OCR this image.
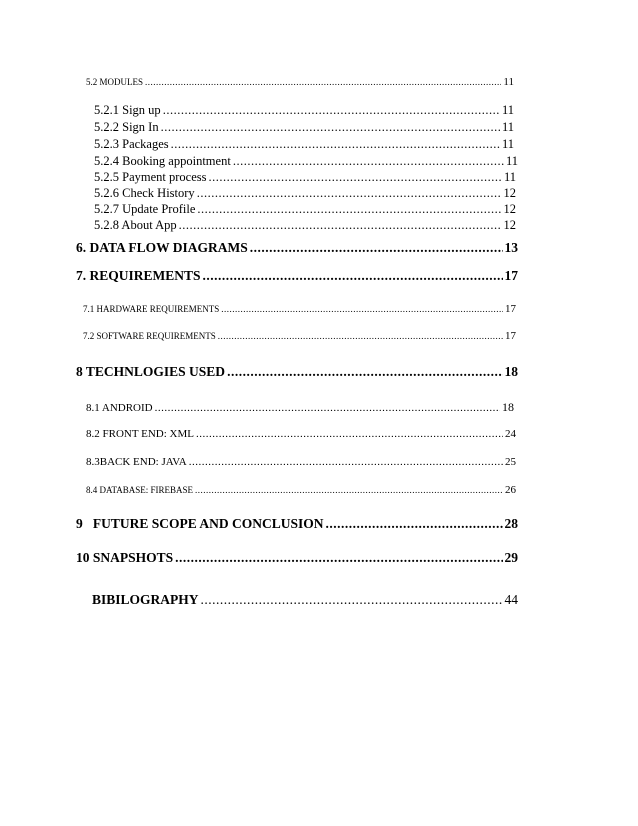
5.2 MODULES .....	11
5.2.1 Sign up .....	11
5.2.2 Sign In .....	11
5.2.3 Packages .....	11
5.2.4 Booking appointment .....	11
5.2.5 Payment process .....	11
5.2.6 Check History .....	12
5.2.7 Update Profile .....	12
5.2.8 About App .....	12
6. DATA FLOW DIAGRAMS .....	13
7. REQUIREMENTS .....	17
7.1 HARDWARE REQUIREMENTS .....	17
7.2 SOFTWARE REQUIREMENTS .....	17
8 TECHNLOGIES USED .....	18
8.1 ANDROID .....	18
8.2 FRONT END: XML .....	24
8.3BACK END: JAVA .....	25
8.4 DATABASE: FIREBASE .....	26
9   FUTURE SCOPE AND CONCLUSION .....	28
10 SNAPSHOTS .....	29
BIBILOGRAPHY .....	44
